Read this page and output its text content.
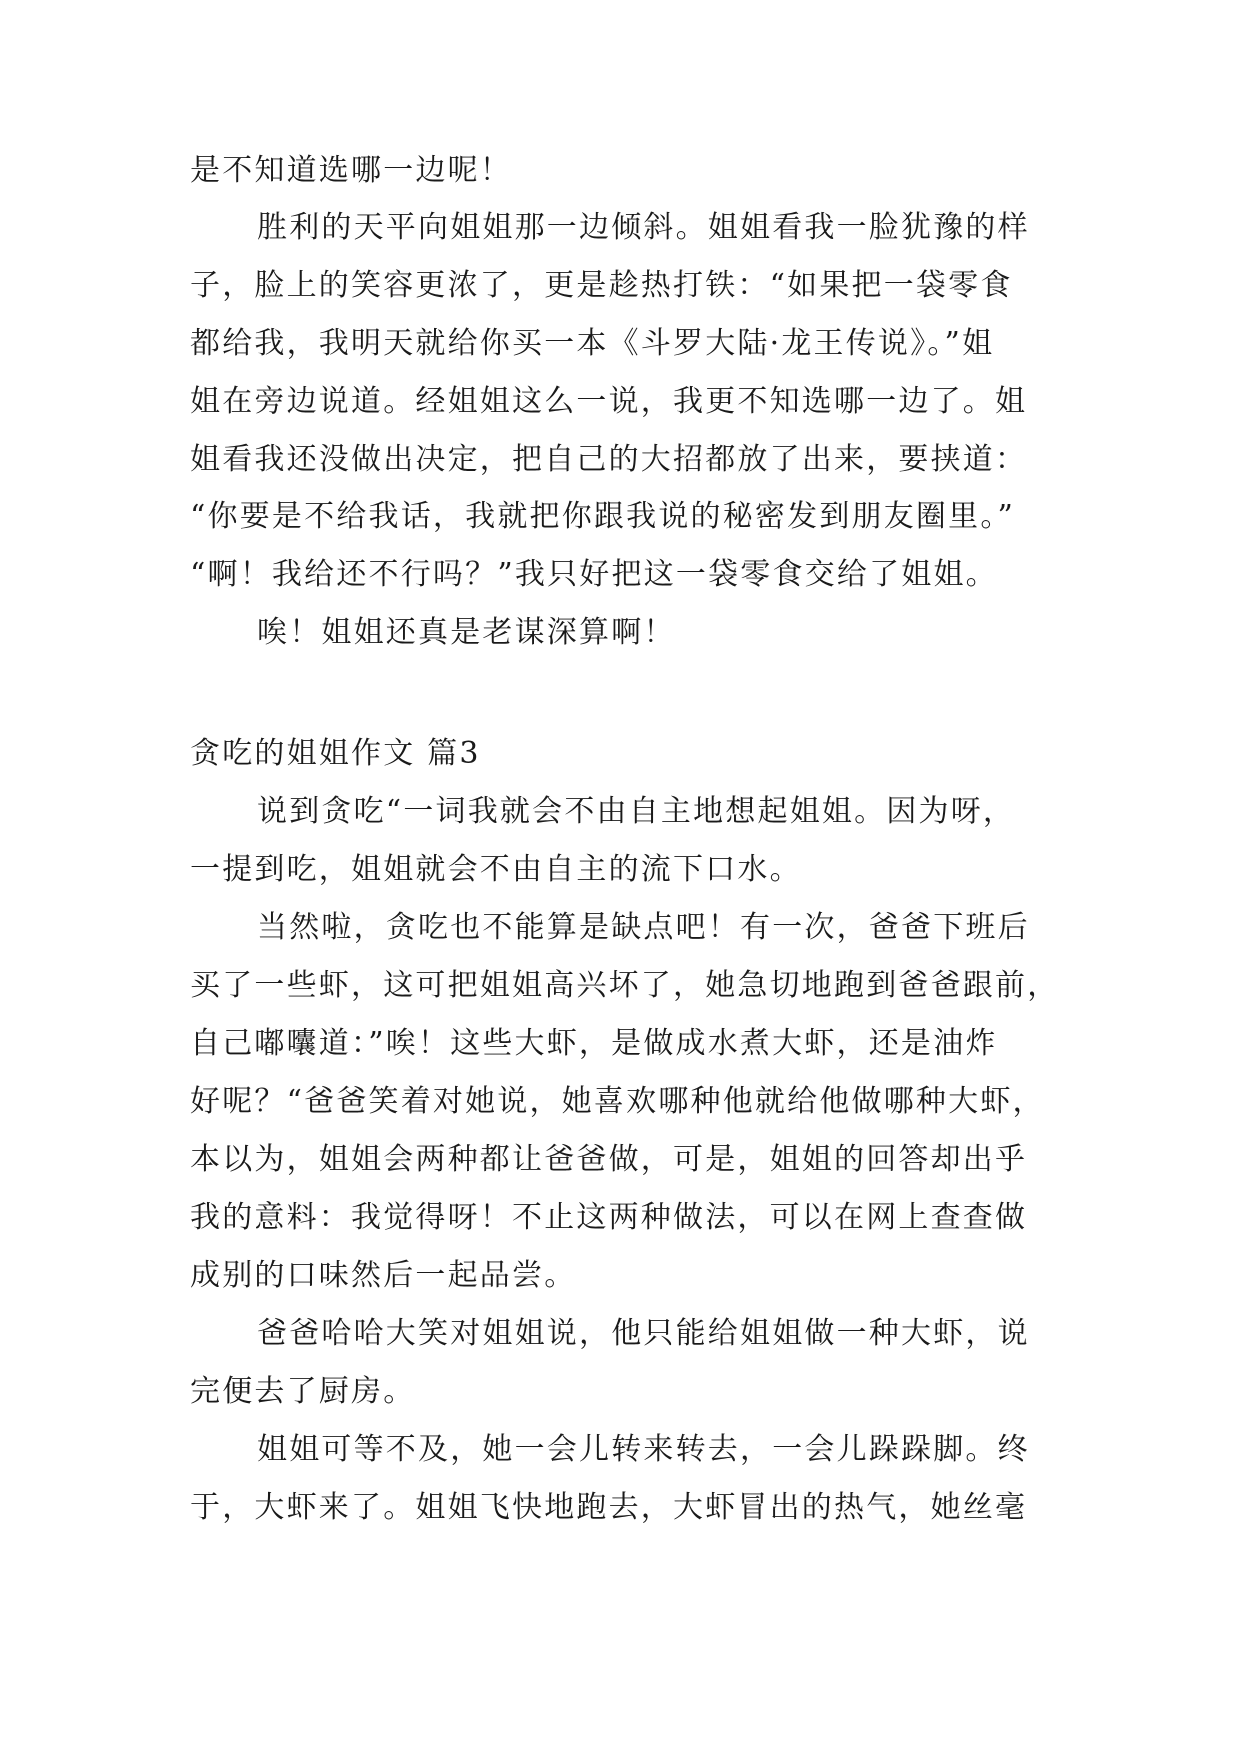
是不知道选哪一边呢！
胜利的天平向姐姐那一边倾斜。姐姐看我一脸犹豫的样
子，脸上的笑容更浓了，更是趁热打铁：“如果把一袋零食
都给我，我明天就给你买一本《斗罗大陆·龙王传说》。”姐
姐在旁边说道。经姐姐这么一说，我更不知选哪一边了。姐
姐看我还没做出决定，把自己的大招都放了出来，要挟道：
“你要是不给我话，我就把你跟我说的秘密发到朋友圈里。”
“啊！我给还不行吗？”我只好把这一袋零食交给了姐姐。
唉！姐姐还真是老谋深算啊！
贪吃的姐姐作文 篇3
说到贪吃“一词我就会不由自主地想起姐姐。因为呀，
一提到吃，姐姐就会不由自主的流下口水。
当然啦，贪吃也不能算是缺点吧！有一次，爸爸下班后
买了一些虾，这可把姐姐高兴坏了，她急切地跑到爸爸跟前，
自己嘟囔道：”唉！这些大虾，是做成水煮大虾，还是油炸
好呢？“爸爸笑着对她说，她喜欢哪种他就给他做哪种大虾，
本以为，姐姐会两种都让爸爸做，可是，姐姐的回答却出乎
我的意料：我觉得呀！不止这两种做法，可以在网上查查做
成别的口味然后一起品尝。
爸爸哈哈大笑对姐姐说，他只能给姐姐做一种大虾，说
完便去了厨房。
姐姐可等不及，她一会儿转来转去，一会儿跺跺脚。终
于，大虾来了。姐姐飞快地跑去，大虾冒出的热气，她丝毫
